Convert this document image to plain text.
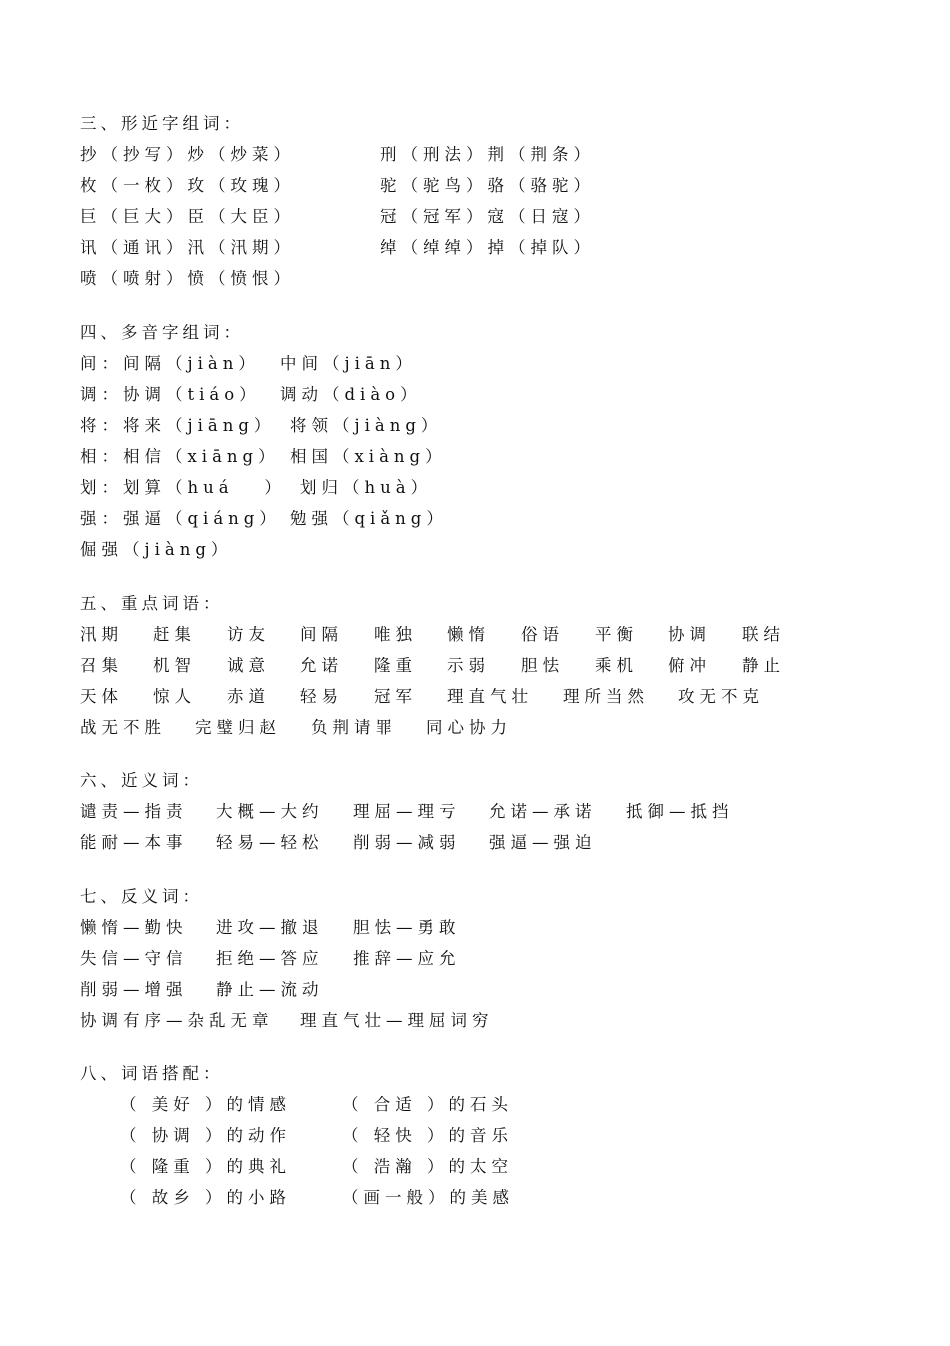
三、形近字组词：
抄（抄写）炒（炒菜）	刑（刑法）荆（荆条）
枚（一枚）玫（玫瑰）	驼（驼鸟）骆（骆驼）
巨（巨大）臣（大臣）	冠（冠军）寇（日寇）
讯（通讯）汛（汛期）	绰（绰绰）掉（掉队）
喷（喷射）愤（愤恨）
四、多音字组词：
间：间隔（jiàn） 中间（jiān）
调：协调（tiáo） 调动（diào）
将：将来（jiāng） 将领（jiàng）
相：相信（xiāng） 相国（xiàng）
划：划算（huá   ） 划归（huà）
强：强逼（qiáng） 勉强（qiǎng）
倔强（jiàng）
五、重点词语：
汛期 赶集 访友 间隔 唯独 懒惰 俗语 平衡 协调 联结
召集 机智 诚意 允诺 隆重 示弱 胆怯 乘机 俯冲 静止
天体 惊人 赤道 轻易 冠军 理直气壮 理所当然 攻无不克
战无不胜 完璧归赵 负荆请罪 同心协力
六、近义词：
谴责—指责 大概—大约 理屈—理亏 允诺—承诺 抵御—抵挡
能耐—本事 轻易—轻松 削弱—减弱 强逼—强迫
七、反义词：
懒惰—勤快 进攻—撤退 胆怯—勇敢
失信—守信 拒绝—答应 推辞—应允
削弱—增强 静止—流动
协调有序—杂乱无章 理直气壮—理屈词穷
八、词语搭配：
（ 美好 ）的情感	（ 合适 ）的石头
（ 协调 ）的动作	（ 轻快 ）的音乐
（ 隆重 ）的典礼	（ 浩瀚 ）的太空
（ 故乡 ）的小路	（画一般）的美感
